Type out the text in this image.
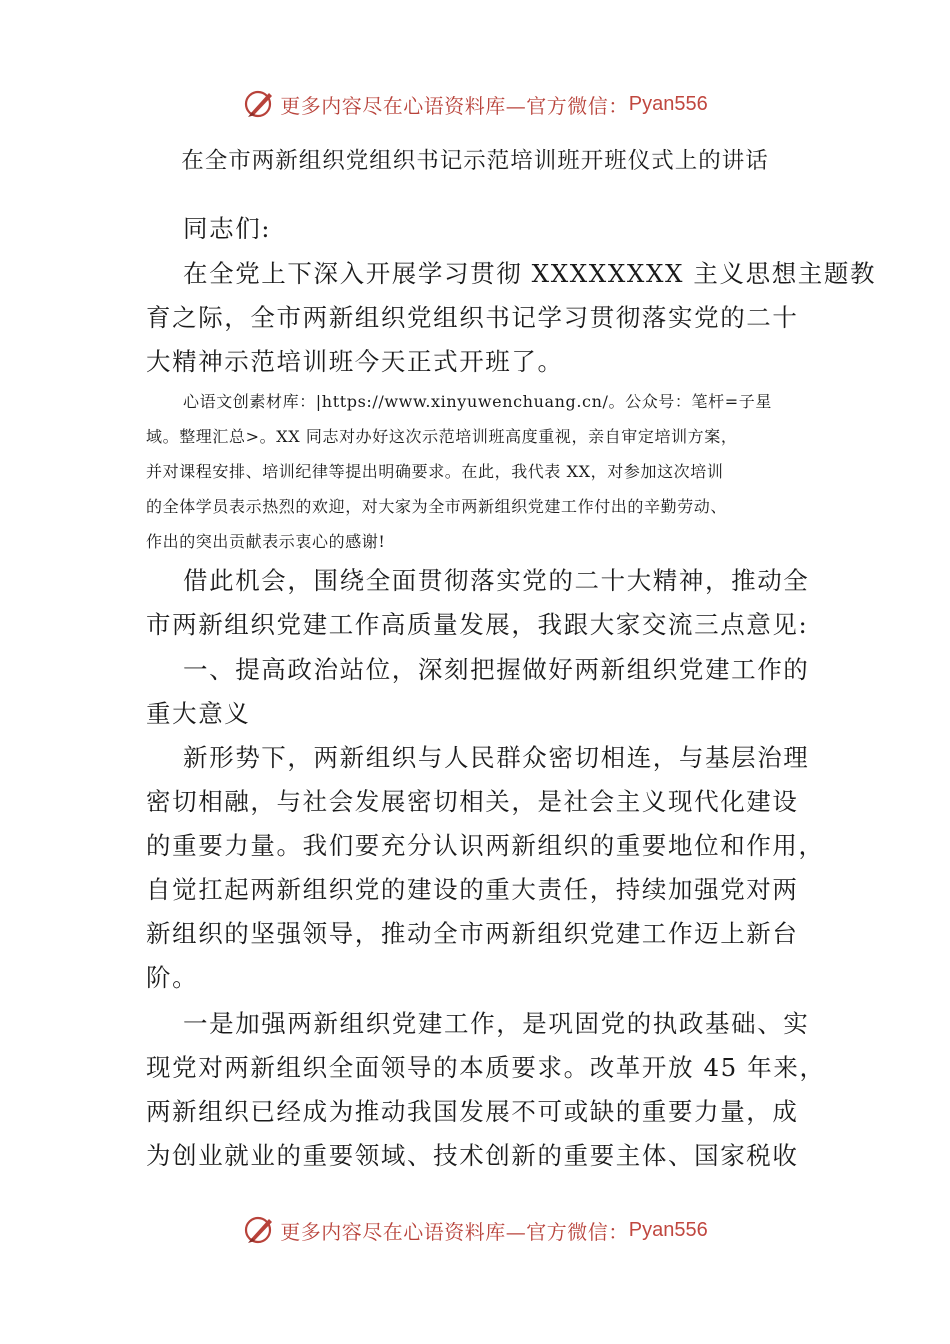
更多内容尽在心语资料库—官方微信： Pyan556
在全市两新组织党组织书记示范培训班开班仪式上的讲话
同志们:
在全党上下深入开展学习贯彻 XXXXXXXX 主义思想主题教
育之际，全市两新组织党组织书记学习贯彻落实党的二十
大精神示范培训班今天正式开班了。
心语文创素材库：|https://www.xinyuwenchuang.cn/。公众号：笔杆=子星
域。整理汇总>。XX 同志对办好这次示范培训班高度重视，亲自审定培训方案，
并对课程安排、培训纪律等提出明确要求。在此，我代表 XX，对参加这次培训
的全体学员表示热烈的欢迎，对大家为全市两新组织党建工作付出的辛勤劳动、
作出的突出贡献表示衷心的感谢!
借此机会，围绕全面贯彻落实党的二十大精神，推动全
市两新组织党建工作高质量发展，我跟大家交流三点意见:
一、提高政治站位，深刻把握做好两新组织党建工作的
重大意义
新形势下，两新组织与人民群众密切相连，与基层治理
密切相融，与社会发展密切相关，是社会主义现代化建设
的重要力量。我们要充分认识两新组织的重要地位和作用，
自觉扛起两新组织党的建设的重大责任，持续加强党对两
新组织的坚强领导，推动全市两新组织党建工作迈上新台
阶。
一是加强两新组织党建工作，是巩固党的执政基础、实
现党对两新组织全面领导的本质要求。改革开放 45 年来，
两新组织已经成为推动我国发展不可或缺的重要力量，成
为创业就业的重要领域、技术创新的重要主体、国家税收
更多内容尽在心语资料库—官方微信： Pyan556
